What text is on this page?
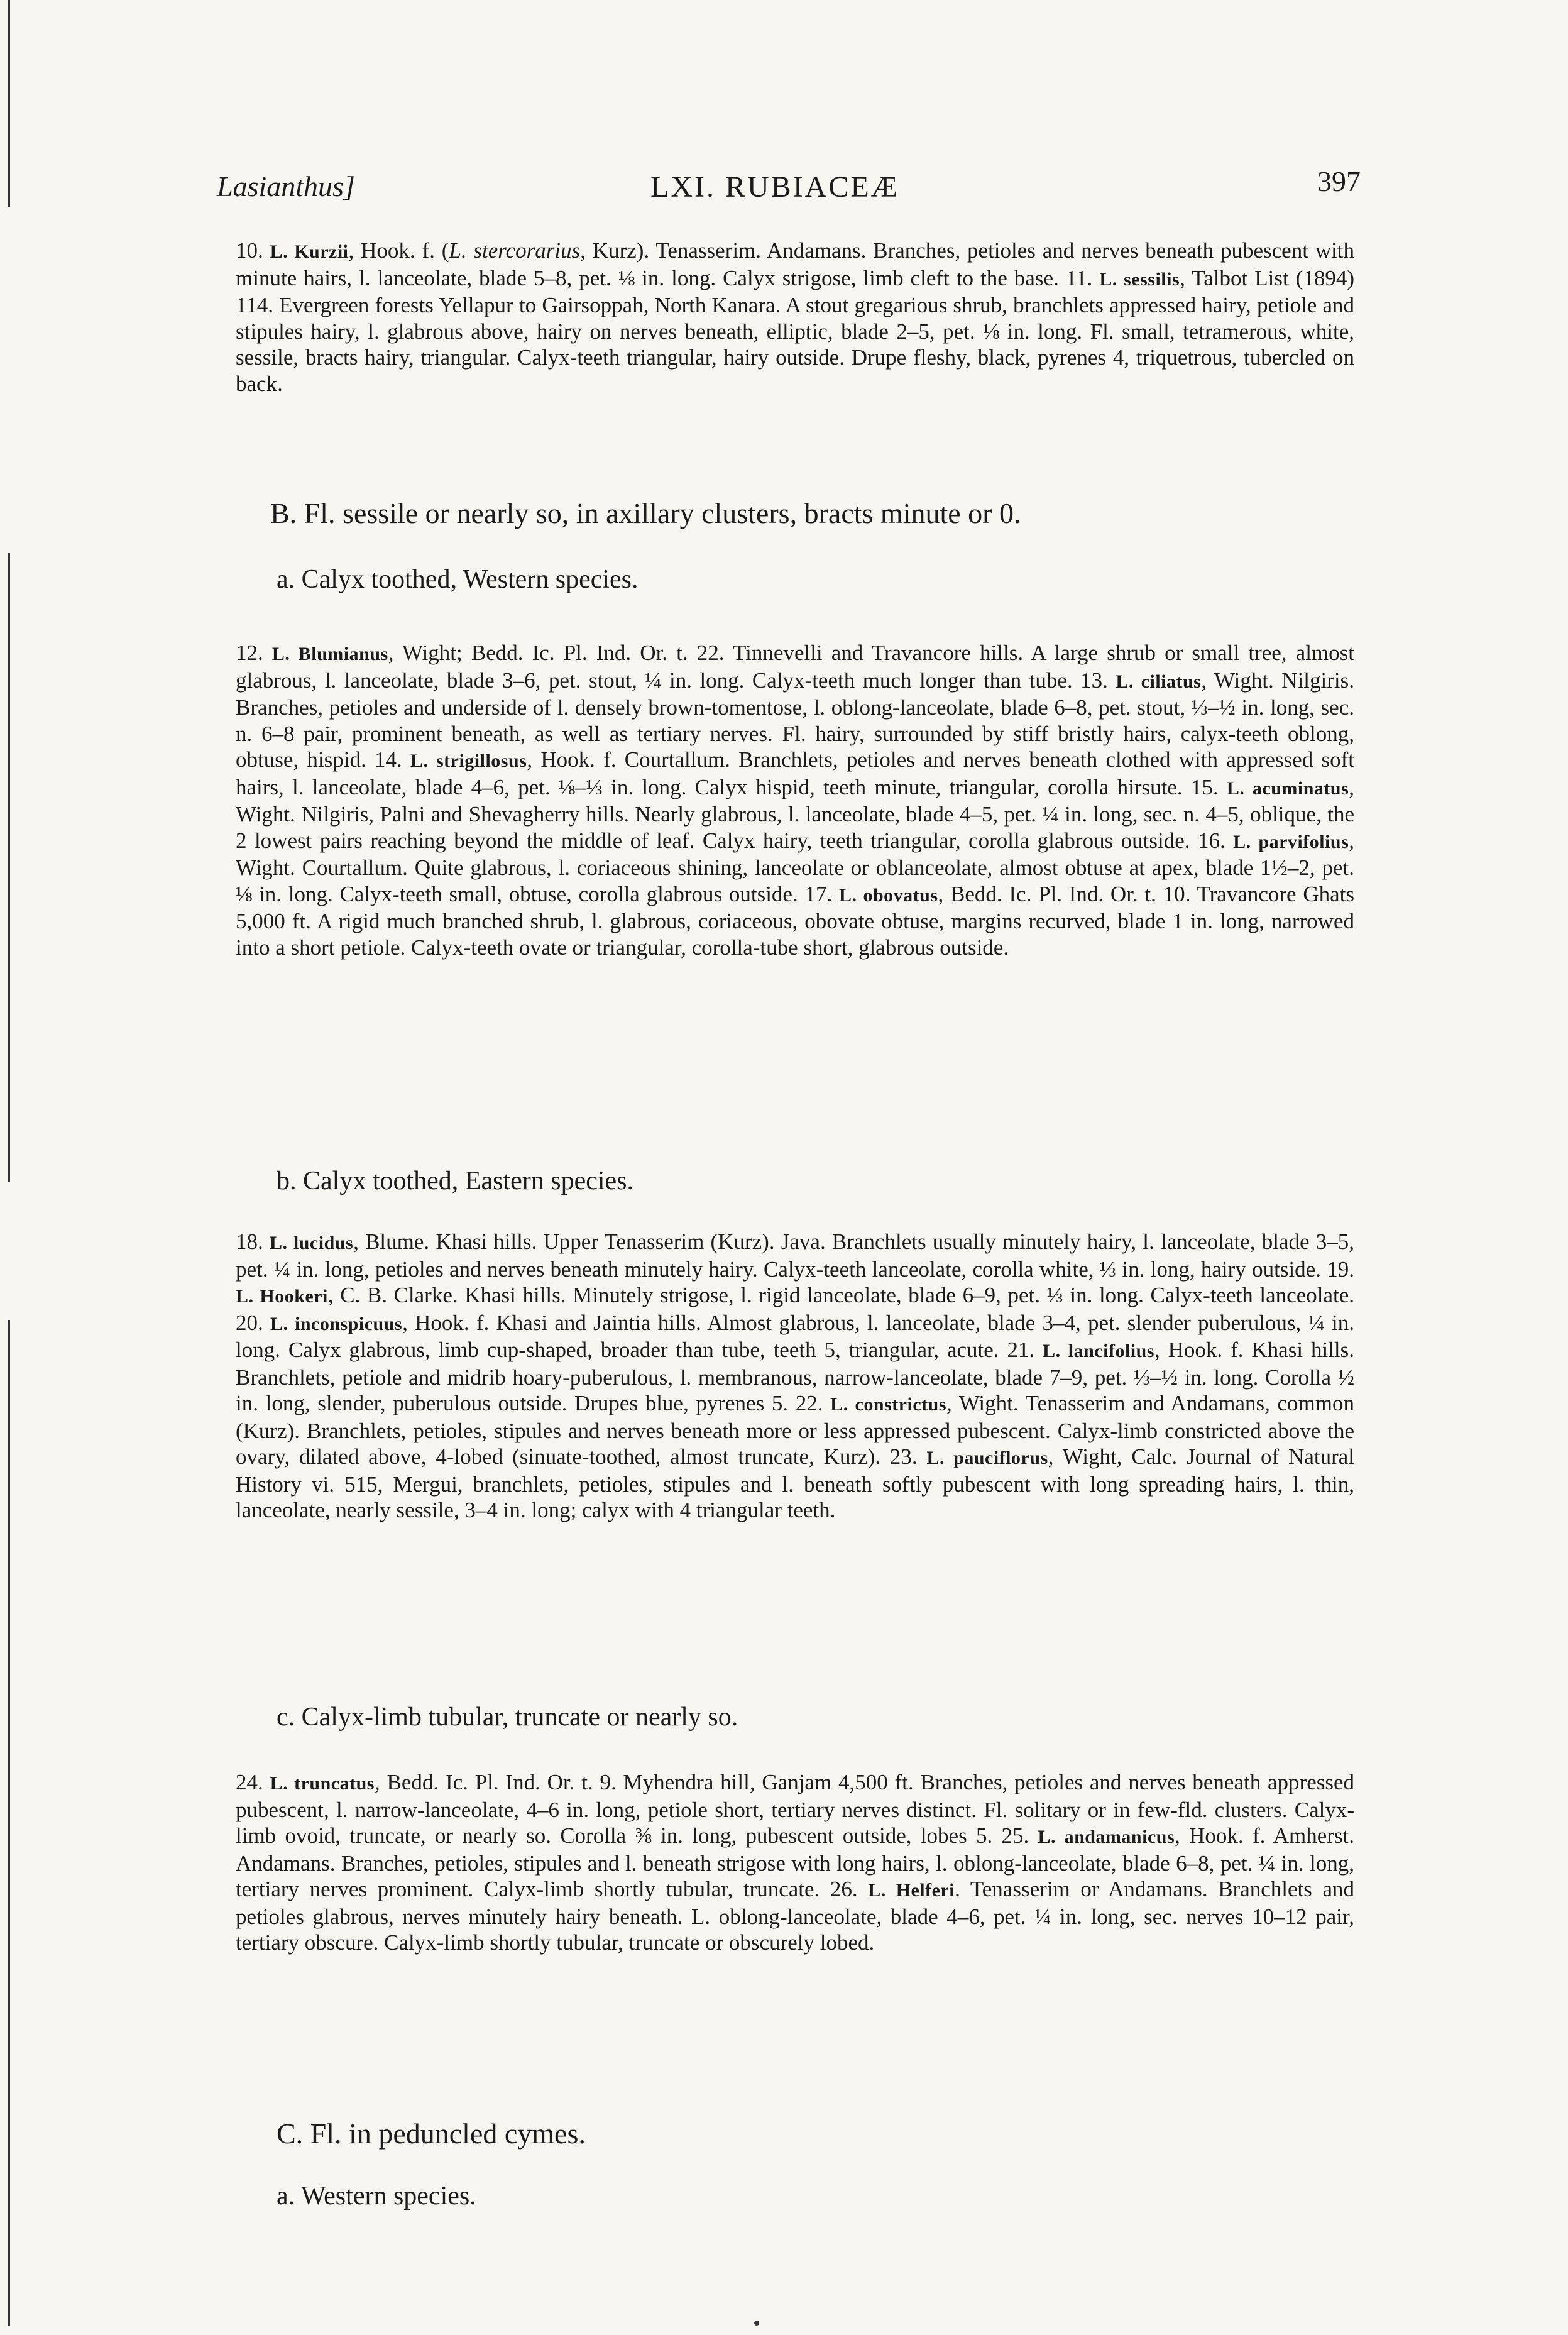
Lasianthus]	LXI. RUBIACEÆ	397

10. L. Kurzii, Hook. f. (L. stercorarius, Kurz). Tenasserim. Andamans. Branches, petioles and nerves beneath pubescent with minute hairs, l. lanceolate, blade 5–8, pet. ⅛ in. long. Calyx strigose, limb cleft to the base. 11. L. sessilis, Talbot List (1894) 114. Evergreen forests Yellapur to Gairsoppah, North Kanara. A stout gregarious shrub, branchlets appressed hairy, petiole and stipules hairy, l. glabrous above, hairy on nerves beneath, elliptic, blade 2–5, pet. ⅛ in. long. Fl. small, tetramerous, white, sessile, bracts hairy, triangular. Calyx-teeth triangular, hairy outside. Drupe fleshy, black, pyrenes 4, triquetrous, tubercled on back.

B. Fl. sessile or nearly so, in axillary clusters, bracts minute or 0.
a. Calyx toothed, Western species.

12. L. Blumianus, Wight; Bedd. Ic. Pl. Ind. Or. t. 22. Tinnevelli and Travancore hills. A large shrub or small tree, almost glabrous, l. lanceolate, blade 3–6, pet. stout, ¼ in. long. Calyx-teeth much longer than tube. 13. L. ciliatus, Wight. Nilgiris. Branches, petioles and underside of l. densely brown-tomentose, l. oblong-lanceolate, blade 6–8, pet. stout, ⅓–½ in. long, sec. n. 6–8 pair, prominent beneath, as well as tertiary nerves. Fl. hairy, surrounded by stiff bristly hairs, calyx-teeth oblong, obtuse, hispid. 14. L. strigillosus, Hook. f. Courtallum. Branchlets, petioles and nerves beneath clothed with appressed soft hairs, l. lanceolate, blade 4–6, pet. ⅛–⅓ in. long. Calyx hispid, teeth minute, triangular, corolla hirsute. 15. L. acuminatus, Wight. Nilgiris, Palni and Shevagherry hills. Nearly glabrous, l. lanceolate, blade 4–5, pet. ¼ in. long, sec. n. 4–5, oblique, the 2 lowest pairs reaching beyond the middle of leaf. Calyx hairy, teeth triangular, corolla glabrous outside. 16. L. parvifolius, Wight. Courtallum. Quite glabrous, l. coriaceous shining, lanceolate or oblanceolate, almost obtuse at apex, blade 1½–2, pet. ⅛ in. long. Calyx-teeth small, obtuse, corolla glabrous outside. 17. L. obovatus, Bedd. Ic. Pl. Ind. Or. t. 10. Travancore Ghats 5,000 ft. A rigid much branched shrub, l. glabrous, coriaceous, obovate obtuse, margins recurved, blade 1 in. long, narrowed into a short petiole. Calyx-teeth ovate or triangular, corolla-tube short, glabrous outside.

b. Calyx toothed, Eastern species.

18. L. lucidus, Blume. Khasi hills. Upper Tenasserim (Kurz). Java. Branchlets usually minutely hairy, l. lanceolate, blade 3–5, pet. ¼ in. long, petioles and nerves beneath minutely hairy. Calyx-teeth lanceolate, corolla white, ⅓ in. long, hairy outside. 19. L. Hookeri, C. B. Clarke. Khasi hills. Minutely strigose, l. rigid lanceolate, blade 6–9, pet. ⅓ in. long. Calyx-teeth lanceolate. 20. L. inconspicuus, Hook. f. Khasi and Jaintia hills. Almost glabrous, l. lanceolate, blade 3–4, pet. slender puberulous, ¼ in. long. Calyx glabrous, limb cup-shaped, broader than tube, teeth 5, triangular, acute. 21. L. lancifolius, Hook. f. Khasi hills. Branchlets, petiole and midrib hoary-puberulous, l. membranous, narrow-lanceolate, blade 7–9, pet. ⅓–½ in. long. Corolla ½ in. long, slender, puberulous outside. Drupes blue, pyrenes 5. 22. L. constrictus, Wight. Tenasserim and Andamans, common (Kurz). Branchlets, petioles, stipules and nerves beneath more or less appressed pubescent. Calyx-limb constricted above the ovary, dilated above, 4-lobed (sinuate-toothed, almost truncate, Kurz). 23. L. pauciflorus, Wight, Calc. Journal of Natural History vi. 515, Mergui, branchlets, petioles, stipules and l. beneath softly pubescent with long spreading hairs, l. thin, lanceolate, nearly sessile, 3–4 in. long; calyx with 4 triangular teeth.

c. Calyx-limb tubular, truncate or nearly so.

24. L. truncatus, Bedd. Ic. Pl. Ind. Or. t. 9. Myhendra hill, Ganjam 4,500 ft. Branches, petioles and nerves beneath appressed pubescent, l. narrow-lanceolate, 4–6 in. long, petiole short, tertiary nerves distinct. Fl. solitary or in few-fld. clusters. Calyx-limb ovoid, truncate, or nearly so. Corolla ⅜ in. long, pubescent outside, lobes 5. 25. L. andamanicus, Hook. f. Amherst. Andamans. Branches, petioles, stipules and l. beneath strigose with long hairs, l. oblong-lanceolate, blade 6–8, pet. ¼ in. long, tertiary nerves prominent. Calyx-limb shortly tubular, truncate. 26. L. Helferi. Tenasserim or Andamans. Branchlets and petioles glabrous, nerves minutely hairy beneath. L. oblong-lanceolate, blade 4–6, pet. ¼ in. long, sec. nerves 10–12 pair, tertiary obscure. Calyx-limb shortly tubular, truncate or obscurely lobed.

C. Fl. in peduncled cymes.
a. Western species.
